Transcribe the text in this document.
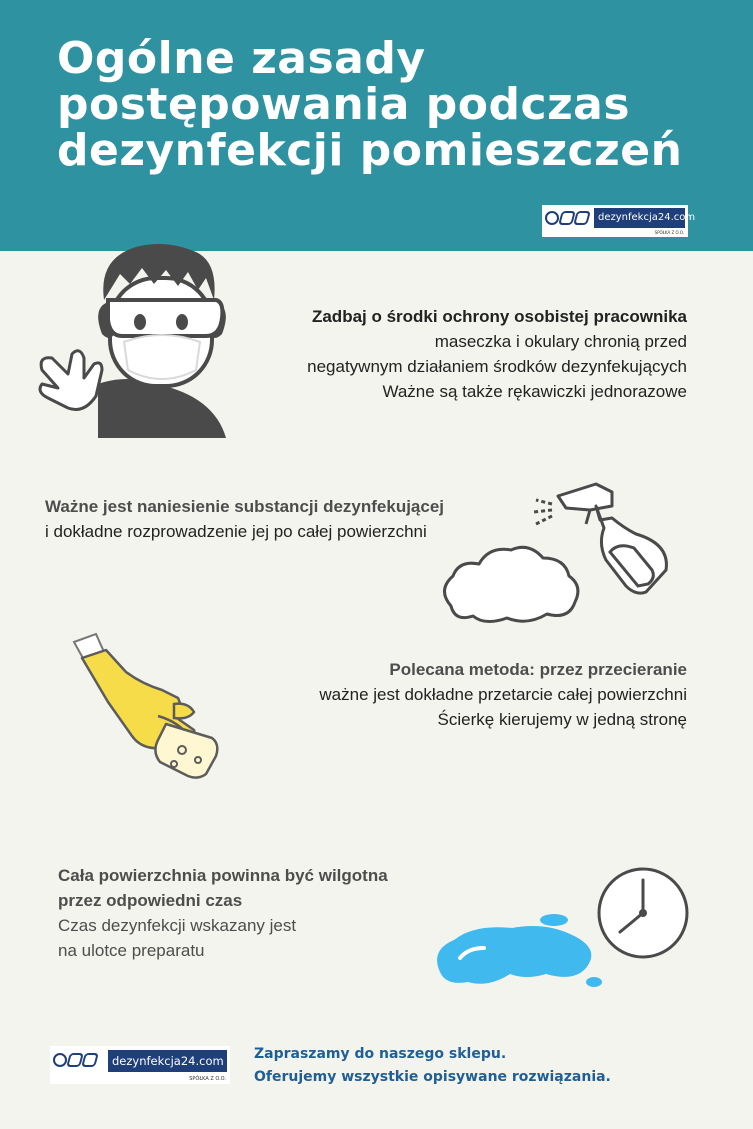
Ogólne zasady
postępowania podczas
dezynfekcji pomieszczeń
dezynfekcja24.com
SPÓŁKA Z O.O.
Zadbaj o środki ochrony osobistej pracownika
maseczka i okulary chronią przed
negatywnym działaniem środków dezynfekujących
Ważne są także rękawiczki jednorazowe
Ważne jest naniesienie substancji dezynfekującej
i dokładne rozprowadzenie jej po całej powierzchni
Polecana metoda: przez przecieranie
ważne jest dokładne przetarcie całej powierzchni
Ścierkę kierujemy w jedną stronę
Cała powierzchnia powinna być wilgotna
przez odpowiedni czas
Czas dezynfekcji wskazany jest
na ulotce preparatu
dezynfekcja24.com
SPÓŁKA Z O.O.
Zapraszamy do naszego sklepu.
Oferujemy wszystkie opisywane rozwiązania.
